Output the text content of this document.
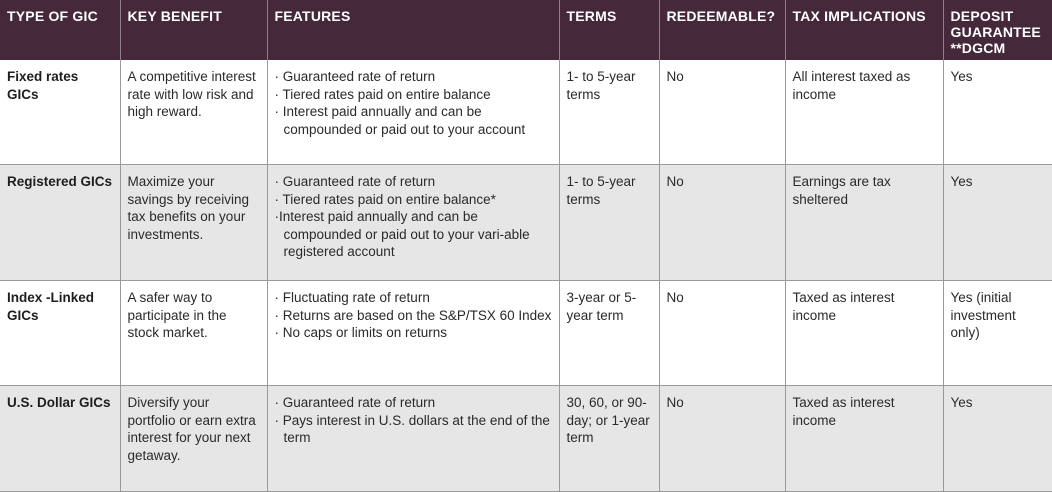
TYPE OF GIC	KEY BENEFIT	FEATURES	TERMS	REDEEMABLE?	TAX IMPLICATIONS	DEPOSIT GUARANTEE **DGCM
Fixed rates GICs	A competitive interest rate with low risk and high reward.	· Guaranteed rate of return
· Tiered rates paid on entire balance
· Interest paid annually and can be compounded or paid out to your account	1- to 5-year terms	No	All interest taxed as income	Yes
Registered GICs	Maximize your savings by receiving tax benefits on your investments.	· Guaranteed rate of return
· Tiered rates paid on entire balance*
·Interest paid annually and can be compounded or paid out to your vari-able registered account	1- to 5-year terms	No	Earnings are tax sheltered	Yes
Index -Linked GICs	A safer way to participate in the stock market.	· Fluctuating rate of return
· Returns are based on the S&P/TSX 60 Index
· No caps or limits on returns	3-year or 5-year term	No	Taxed as interest income	Yes (initial investment only)
U.S. Dollar GICs	Diversify your portfolio or earn extra interest for your next getaway.	· Guaranteed rate of return
· Pays interest in U.S. dollars at the end of the term	30, 60, or 90-day; or 1-year term	No	Taxed as interest income	Yes
